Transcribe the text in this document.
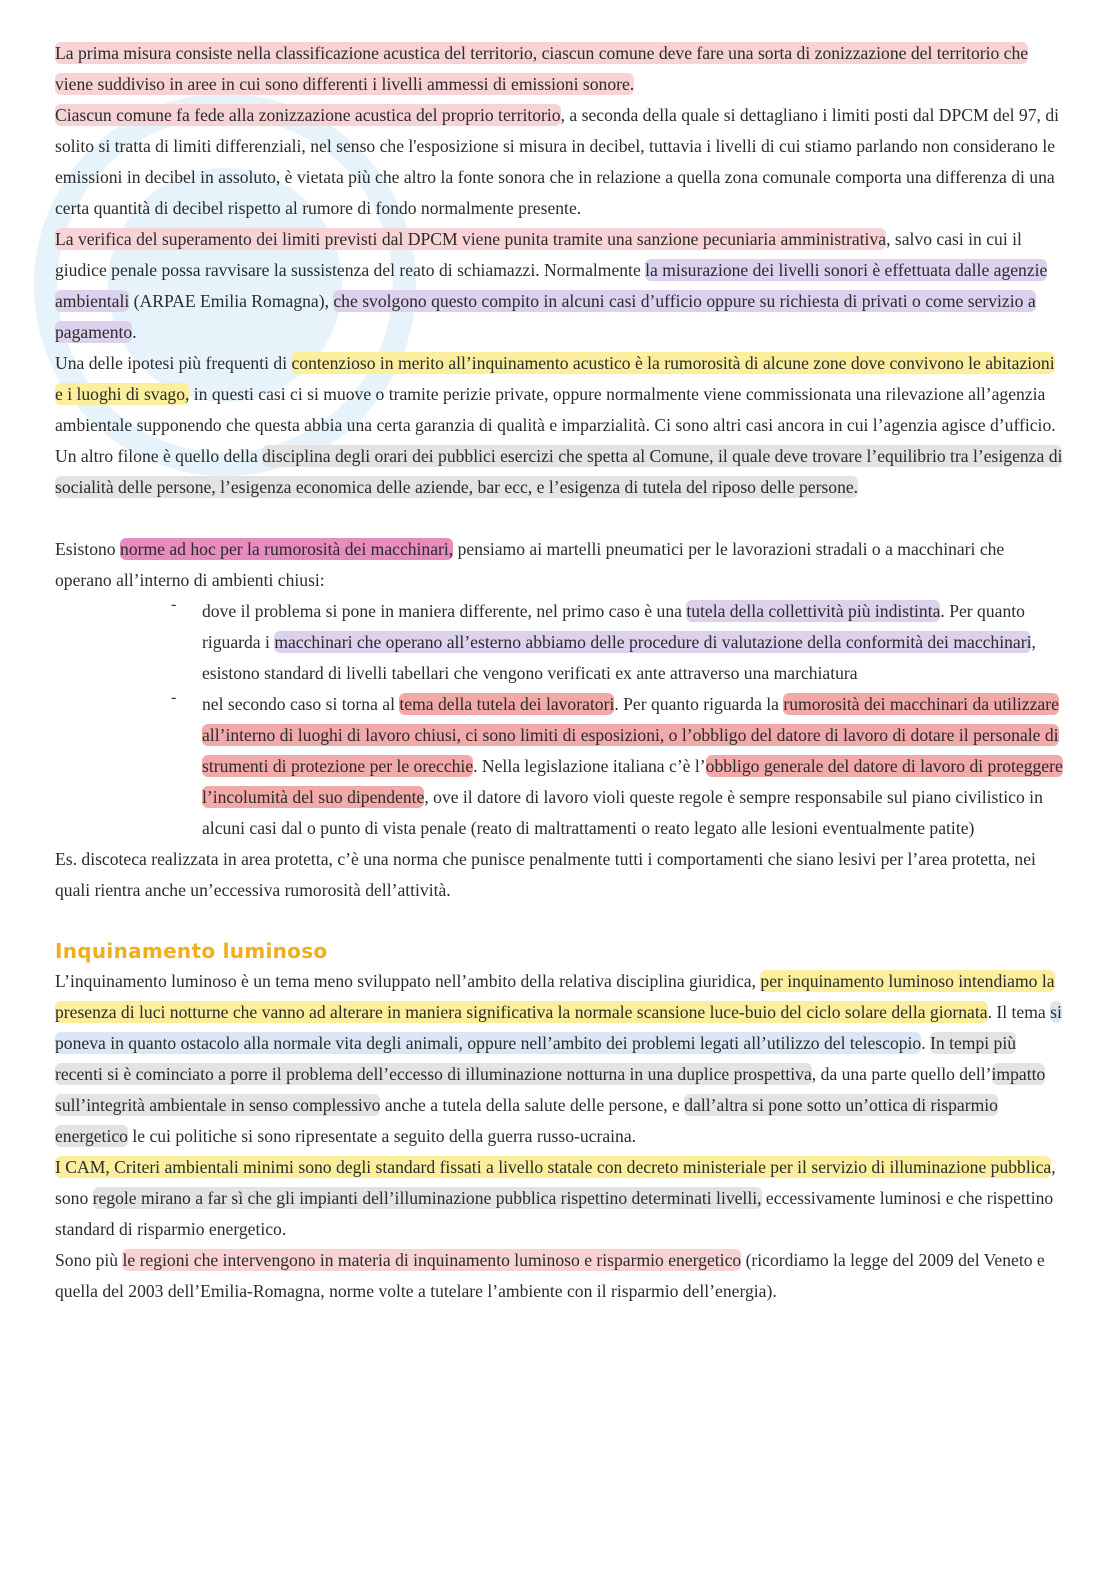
La prima misura consiste nella classificazione acustica del territorio, ciascun comune deve fare una sorta di zonizzazione del territorio che viene suddiviso in aree in cui sono differenti i livelli ammessi di emissioni sonore.

Ciascun comune fa fede alla zonizzazione acustica del proprio territorio, a seconda della quale si dettagliano i limiti posti dal DPCM del 97, di solito si tratta di limiti differenziali, nel senso che l'esposizione si misura in decibel, tuttavia i livelli di cui stiamo parlando non considerano le emissioni in decibel in assoluto, è vietata più che altro la fonte sonora che in relazione a quella zona comunale comporta una differenza di una certa quantità di decibel rispetto al rumore di fondo normalmente presente.

La verifica del superamento dei limiti previsti dal DPCM viene punita tramite una sanzione pecuniaria amministrativa, salvo casi in cui il giudice penale possa ravvisare la sussistenza del reato di schiamazzi. Normalmente la misurazione dei livelli sonori è effettuata dalle agenzie ambientali (ARPAE Emilia Romagna), che svolgono questo compito in alcuni casi d’ufficio oppure su richiesta di privati o come servizio a pagamento.

Una delle ipotesi più frequenti di contenzioso in merito all’inquinamento acustico è la rumorosità di alcune zone dove convivono le abitazioni e i luoghi di svago, in questi casi ci si muove o tramite perizie private, oppure normalmente viene commissionata una rilevazione all’agenzia ambientale supponendo che questa abbia una certa garanzia di qualità e imparzialità. Ci sono altri casi ancora in cui l’agenzia agisce d’ufficio.

Un altro filone è quello della disciplina degli orari dei pubblici esercizi che spetta al Comune, il quale deve trovare l’equilibrio tra l’esigenza di socialità delle persone, l’esigenza economica delle aziende, bar ecc, e l’esigenza di tutela del riposo delle persone.

Esistono norme ad hoc per la rumorosità dei macchinari, pensiamo ai martelli pneumatici per le lavorazioni stradali o a macchinari che operano all’interno di ambienti chiusi:

- dove il problema si pone in maniera differente, nel primo caso è una tutela della collettività più indistinta. Per quanto riguarda i macchinari che operano all’esterno abbiamo delle procedure di valutazione della conformità dei macchinari, esistono standard di livelli tabellari che vengono verificati ex ante attraverso una marchiatura

- nel secondo caso si torna al tema della tutela dei lavoratori. Per quanto riguarda la rumorosità dei macchinari da utilizzare all’interno di luoghi di lavoro chiusi, ci sono limiti di esposizioni, o l’obbligo del datore di lavoro di dotare il personale di strumenti di protezione per le orecchie. Nella legislazione italiana c’è l’obbligo generale del datore di lavoro di proteggere l’incolumità del suo dipendente, ove il datore di lavoro violi queste regole è sempre responsabile sul piano civilistico in alcuni casi dal o punto di vista penale (reato di maltrattamenti o reato legato alle lesioni eventualmente patite)

Es. discoteca realizzata in area protetta, c’è una norma che punisce penalmente tutti i comportamenti che siano lesivi per l’area protetta, nei quali rientra anche un’eccessiva rumorosità dell’attività.

Inquinamento luminoso

L’inquinamento luminoso è un tema meno sviluppato nell’ambito della relativa disciplina giuridica, per inquinamento luminoso intendiamo la presenza di luci notturne che vanno ad alterare in maniera significativa la normale scansione luce-buio del ciclo solare della giornata. Il tema si poneva in quanto ostacolo alla normale vita degli animali, oppure nell’ambito dei problemi legati all’utilizzo del telescopio. In tempi più recenti si è cominciato a porre il problema dell’eccesso di illuminazione notturna in una duplice prospettiva, da una parte quello dell’impatto sull’integrità ambientale in senso complessivo anche a tutela della salute delle persone, e dall’altra si pone sotto un’ottica di risparmio energetico le cui politiche si sono ripresentate a seguito della guerra russo-ucraina.

I CAM, Criteri ambientali minimi sono degli standard fissati a livello statale con decreto ministeriale per il servizio di illuminazione pubblica, sono regole mirano a far sì che gli impianti dell’illuminazione pubblica rispettino determinati livelli, eccessivamente luminosi e che rispettino standard di risparmio energetico.

Sono più le regioni che intervengono in materia di inquinamento luminoso e risparmio energetico (ricordiamo la legge del 2009 del Veneto e quella del 2003 dell’Emilia-Romagna, norme volte a tutelare l’ambiente con il risparmio dell’energia).
